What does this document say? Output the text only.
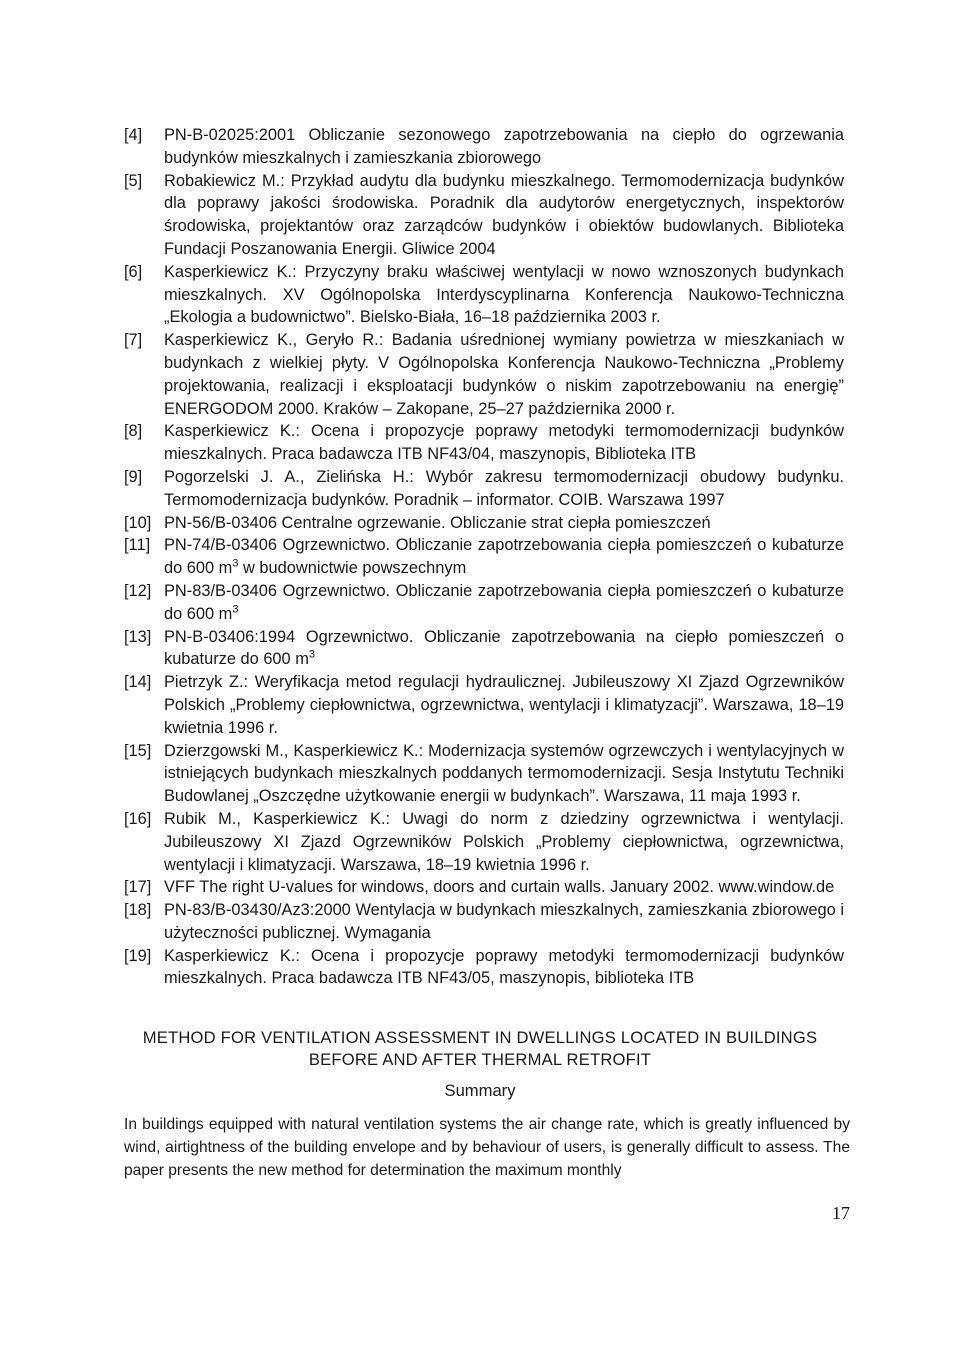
[4]	PN-B-02025:2001 Obliczanie sezonowego zapotrzebowania na ciepło do ogrzewania budynków mieszkalnych i zamieszkania zbiorowego
[5]	Robakiewicz M.: Przykład audytu dla budynku mieszkalnego. Termomodernizacja budynków dla poprawy jakości środowiska. Poradnik dla audytorów energetycznych, inspektorów środowiska, projektantów oraz zarządców budynków i obiektów budowlanych. Biblioteka Fundacji Poszanowania Energii. Gliwice 2004
[6]	Kasperkiewicz K.: Przyczyny braku właściwej wentylacji w nowo wznoszonych budynkach mieszkalnych. XV Ogólnopolska Interdyscyplinarna Konferencja Naukowo-Techniczna „Ekologia a budownictwo”. Bielsko-Biała, 16–18 października 2003 r.
[7]	Kasperkiewicz K., Geryło R.: Badania uśrednionej wymiany powietrza w mieszkaniach w budynkach z wielkiej płyty. V Ogólnopolska Konferencja Naukowo-Techniczna „Problemy projektowania, realizacji i eksploatacji budynków o niskim zapotrzebowaniu na energię” ENERGODOM 2000. Kraków – Zakopane, 25–27 października 2000 r.
[8]	Kasperkiewicz K.: Ocena i propozycje poprawy metodyki termomodernizacji budynków mieszkalnych. Praca badawcza ITB NF43/04, maszynopis, Biblioteka ITB
[9]	Pogorzelski J. A., Zielińska H.: Wybór zakresu termomodernizacji obudowy budynku. Termomodernizacja budynków. Poradnik – informator. COIB. Warszawa 1997
[10] PN-56/B-03406 Centralne ogrzewanie. Obliczanie strat ciepła pomieszczeń
[11] PN-74/B-03406 Ogrzewnictwo. Obliczanie zapotrzebowania ciepła pomieszczeń o kubaturze do 600 $m^3$ w budownictwie powszechnym
[12] PN-83/B-03406 Ogrzewnictwo. Obliczanie zapotrzebowania ciepła pomieszczeń o kubaturze do 600 $m^3$
[13] PN-B-03406:1994 Ogrzewnictwo. Obliczanie zapotrzebowania na ciepło pomieszczeń o kubaturze do 600 $m^3$
[14] Pietrzyk Z.: Weryfikacja metod regulacji hydraulicznej. Jubileuszowy XI Zjazd Ogrzewników Polskich „Problemy ciepłownictwa, ogrzewnictwa, wentylacji i klimatyzacji”. Warszawa, 18–19 kwietnia 1996 r.
[15] Dzierzgowski M., Kasperkiewicz K.: Modernizacja systemów ogrzewczych i wentylacyjnych w istniejących budynkach mieszkalnych poddanych termomodernizacji. Sesja Instytutu Techniki Budowlanej „Oszczędne użytkowanie energii w budynkach”. Warszawa, 11 maja 1993 r.
[16] Rubik M., Kasperkiewicz K.: Uwagi do norm z dziedziny ogrzewnictwa i wentylacji. Jubileuszowy XI Zjazd Ogrzewników Polskich „Problemy ciepłownictwa, ogrzewnictwa, wentylacji i klimatyzacji. Warszawa, 18–19 kwietnia 1996 r.
[17] VFF The right U-values for windows, doors and curtain walls. January 2002. www.window.de
[18] PN-83/B-03430/Az3:2000 Wentylacja w budynkach mieszkalnych, zamieszkania zbiorowego i użyteczności publicznej. Wymagania
[19] Kasperkiewicz K.: Ocena i propozycje poprawy metodyki termomodernizacji budynków mieszkalnych. Praca badawcza ITB NF43/05, maszynopis, biblioteka ITB
METHOD FOR VENTILATION ASSESSMENT IN DWELLINGS LOCATED IN BUILDINGS
BEFORE AND AFTER THERMAL RETROFIT
Summary
In buildings equipped with natural ventilation systems the air change rate, which is greatly influenced by wind, airtightness of the building envelope and by behaviour of users, is generally difficult to assess. The paper presents the new method for determination the maximum monthly
17
